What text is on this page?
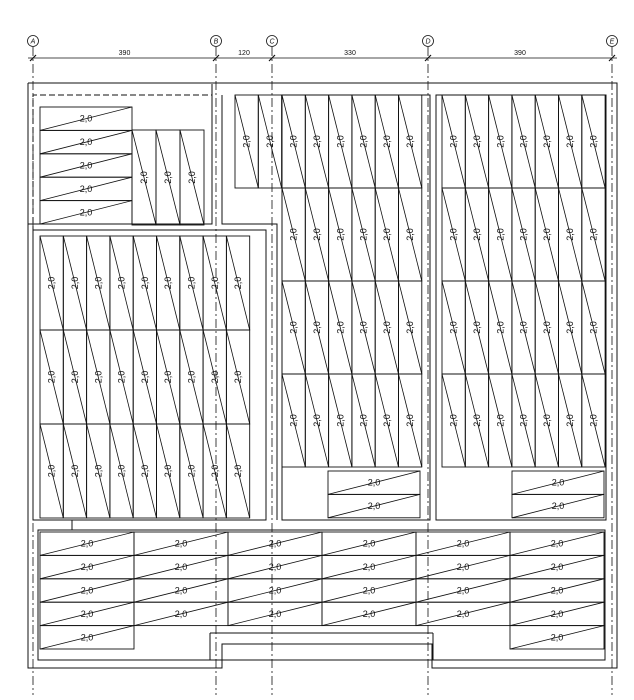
A	B	C	D	E
390	120	330	390
2,0
2,0
2,0
2,0
2,0
2,0 2,0 2,0
2,0 2,0 2,0 2,0 2,0 2,0 2,0 2,0 2,0
2,0 2,0 2,0 2,0 2,0 2,0 2,0 2,0 2,0
2,0 2,0 2,0 2,0 2,0 2,0 2,0 2,0 2,0
2,0 2,0 2,0 2,0 2,0 2,0 2,0 2,0
2,0 2,0 2,0 2,0 2,0 2,0
2,0 2,0 2,0 2,0 2,0 2,0
2,0 2,0 2,0 2,0 2,0 2,0
2,0 2,0 2,0 2,0 2,0 2,0 2,0
2,0 2,0 2,0 2,0 2,0 2,0 2,0
2,0 2,0 2,0 2,0 2,0 2,0 2,0
2,0 2,0 2,0 2,0 2,0 2,0 2,0
2,0
2,0
2,0
2,0
2,0
2,0
2,0
2,0
2,0
2,0
2,0
2,0
2,0
2,0
2,0
2,0
2,0
2,0
2,0
2,0
2,0
2,0
2,0
2,0
2,0
2,0
2,0
2,0
2,0
2,0
